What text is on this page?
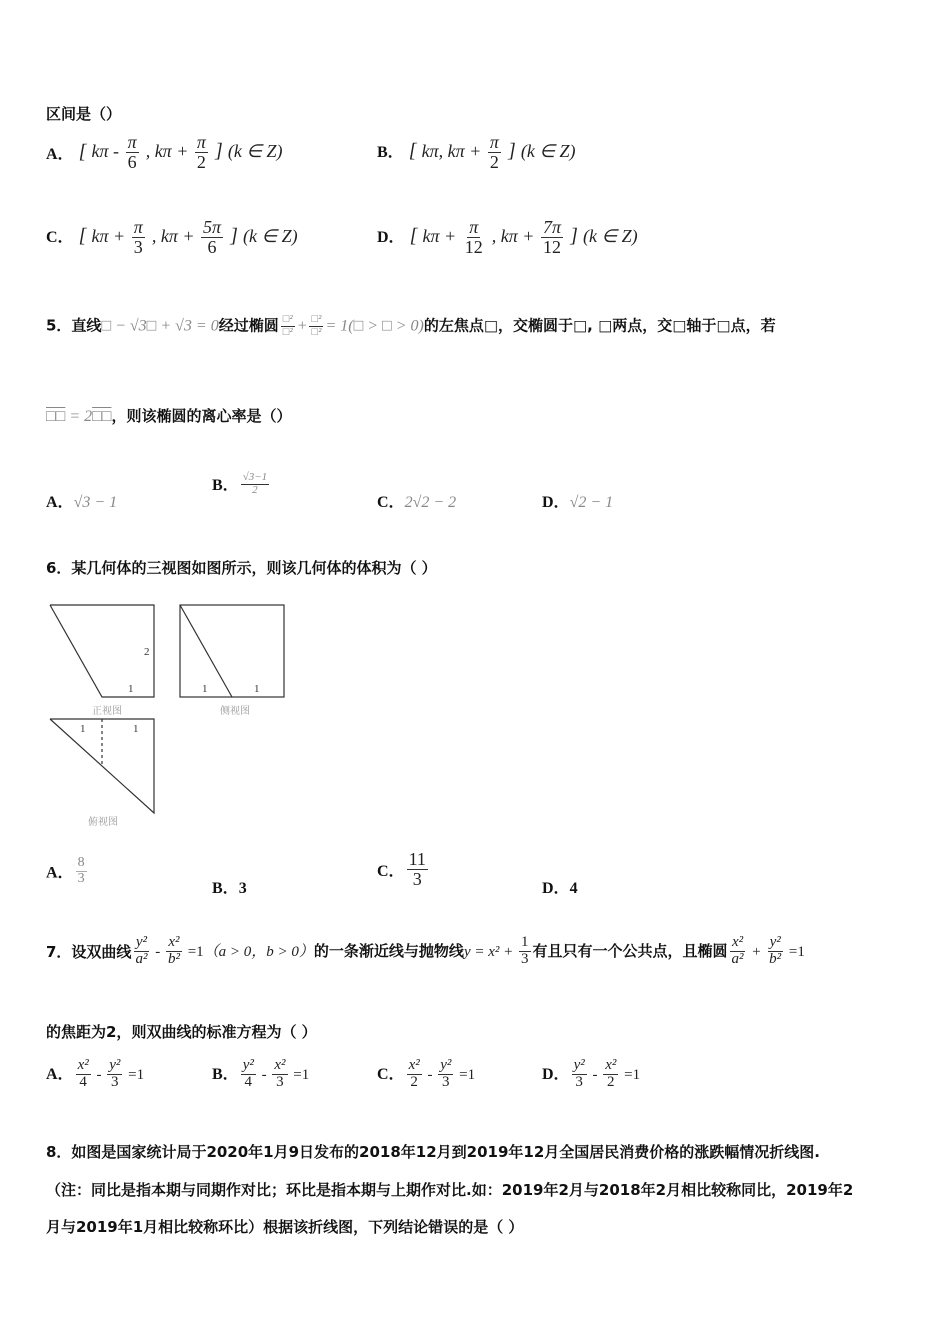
区间是（）
A． [ kπ - $\frac{\pi}{6}$ , $k\pi + \frac{\pi}{2}$ ] (k ∈ Z)	B． [ kπ, $k\pi + \frac{\pi}{2}$ ] (k ∈ Z)
C． [ $k\pi + \frac{\pi}{3}$ , $k\pi + \frac{5\pi}{6}$ ] (k ∈ Z)	D． [ $k\pi + \frac{\pi}{12}$ , $k\pi + \frac{7\pi}{12}$ ] (k ∈ Z)
5．直线□ − √3□ + √3 = 0经过椭圆 $\frac{\text{□²}}{\text{□²}} + \frac{\text{□²}}{\text{□²}}$ = 1(□ > □ > 0)的左焦点□，交椭圆于□, □两点，交□轴于□点，若
□□ = 2□□，则该椭圆的离心率是（）
A．√3 − 1
B． $\frac{√3-1}{2}$
C．2√2 − 2	D．√2 − 1
6．某几何体的三视图如图所示，则该几何体的体积为（ ）
2
1
正视图
1	1
侧视图
1	1
俯视图
A． $\frac{8}{3}$
B．3
C． $\frac{11}{3}$	D．4
7．设双曲线 $\frac{\text{y²}}{\text{a²}} - \frac{\text{x²}}{\text{b²}} =1(a > 0$，b > 0）的一条渐近线与抛物线$y = x^2 + \frac{1}{3}$ 有且只有一个公共点，且椭圆 $\frac{\text{x²}}{\text{a²}} + \frac{\text{y²}}{\text{b²}} =1$
的焦距为2，则双曲线的标准方程为（ ）
A． $\frac{\text{x²}}{4} - \frac{\text{y²}}{3} =1$	B． $\frac{\text{y²}}{4} - \frac{\text{x²}}{3} =1$	C． $\frac{\text{x²}}{2} - \frac{\text{y²}}{3} =1$	D． $\frac{\text{y²}}{3} - \frac{\text{x²}}{2} =1$
8．如图是国家统计局于2020年1月9日发布的2018年12月到2019年12月全国居民消费价格的涨跌幅情况折线图.
（注：同比是指本期与同期作对比；环比是指本期与上期作对比.如：2019年2月与2018年2月相比较称同比，2019年2
月与2019年1月相比较称环比）根据该折线图，下列结论错误的是（ ）
